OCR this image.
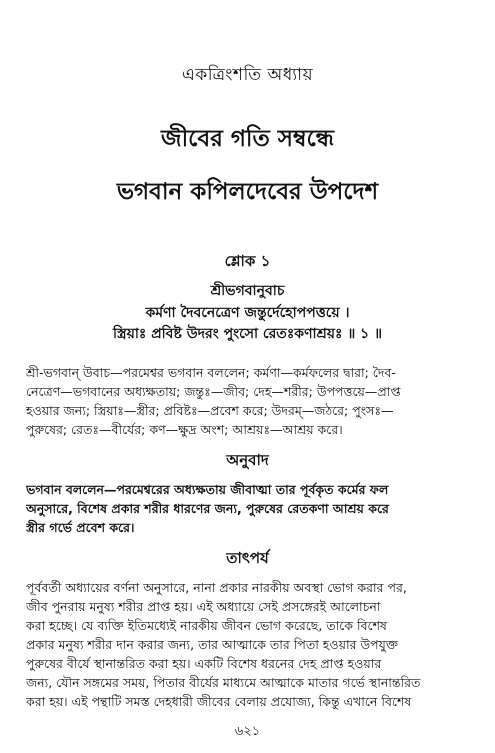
একত্রিংশতি অধ্যায়
জীবের গতি সম্বন্ধে
ভগবান কপিলদেবের উপদেশ
শ্লোক ১
শ্রীভগবানুবাচ
কর্মণা দৈবনেত্রেণ জন্তুর্দেহোপপত্তয়ে ।
স্ত্রিয়াঃ প্রবিষ্ট উদরং পুংসো রেতঃকণাশ্রয়ঃ ॥ ১ ॥
শ্রী-ভগবান্ উবাচ—পরমেশ্বর ভগবান বললেন; কর্মণা—কর্মফলের দ্বারা; দৈব-
নেত্রেণ—ভগবানের অধ্যক্ষতায়; জন্তুঃ—জীব; দেহ—শরীর; উপপত্তয়ে—প্রাপ্ত
হওয়ার জন্য; স্ত্রিয়াঃ—স্ত্রীর; প্রবিষ্টঃ—প্রবেশ করে; উদরম্—জঠরে; পুংসঃ—
পুরুষের; রেতঃ—বীর্যের; কণ—ক্ষুদ্র অংশ; আশ্রয়ঃ—আশ্রয় করে।
অনুবাদ
ভগবান বললেন—পরমেশ্বরের অধ্যক্ষতায় জীবাত্মা তার পূর্বকৃত কর্মের ফল
অনুসারে, বিশেষ প্রকার শরীর ধারণের জন্য, পুরুষের রেতকণা আশ্রয় করে
স্ত্রীর গর্ভে প্রবেশ করে।
তাৎপর্য
পূর্ববর্তী অধ্যায়ের বর্ণনা অনুসারে, নানা প্রকার নারকীয় অবস্থা ভোগ করার পর,
জীব পুনরায় মনুষ্য শরীর প্রাপ্ত হয়। এই অধ্যায়ে সেই প্রসঙ্গেরই আলোচনা
করা হচ্ছে। যে ব্যক্তি ইতিমধ্যেই নারকীয় জীবন ভোগ করেছে, তাকে বিশেষ
প্রকার মনুষ্য শরীর দান করার জন্য, তার আত্মাকে তার পিতা হওয়ার উপযুক্ত
পুরুষের বীর্যে স্থানান্তরিত করা হয়। একটি বিশেষ ধরনের দেহ প্রাপ্ত হওয়ার
জন্য, যৌন সঙ্গমের সময়, পিতার বীর্যের মাধ্যমে আত্মাকে মাতার গর্ভে স্থানান্তরিত
করা হয়। এই পন্থাটি সমস্ত দেহধারী জীবের বেলায় প্রযোজ্য, কিন্তু এখানে বিশেষ
৬২১
